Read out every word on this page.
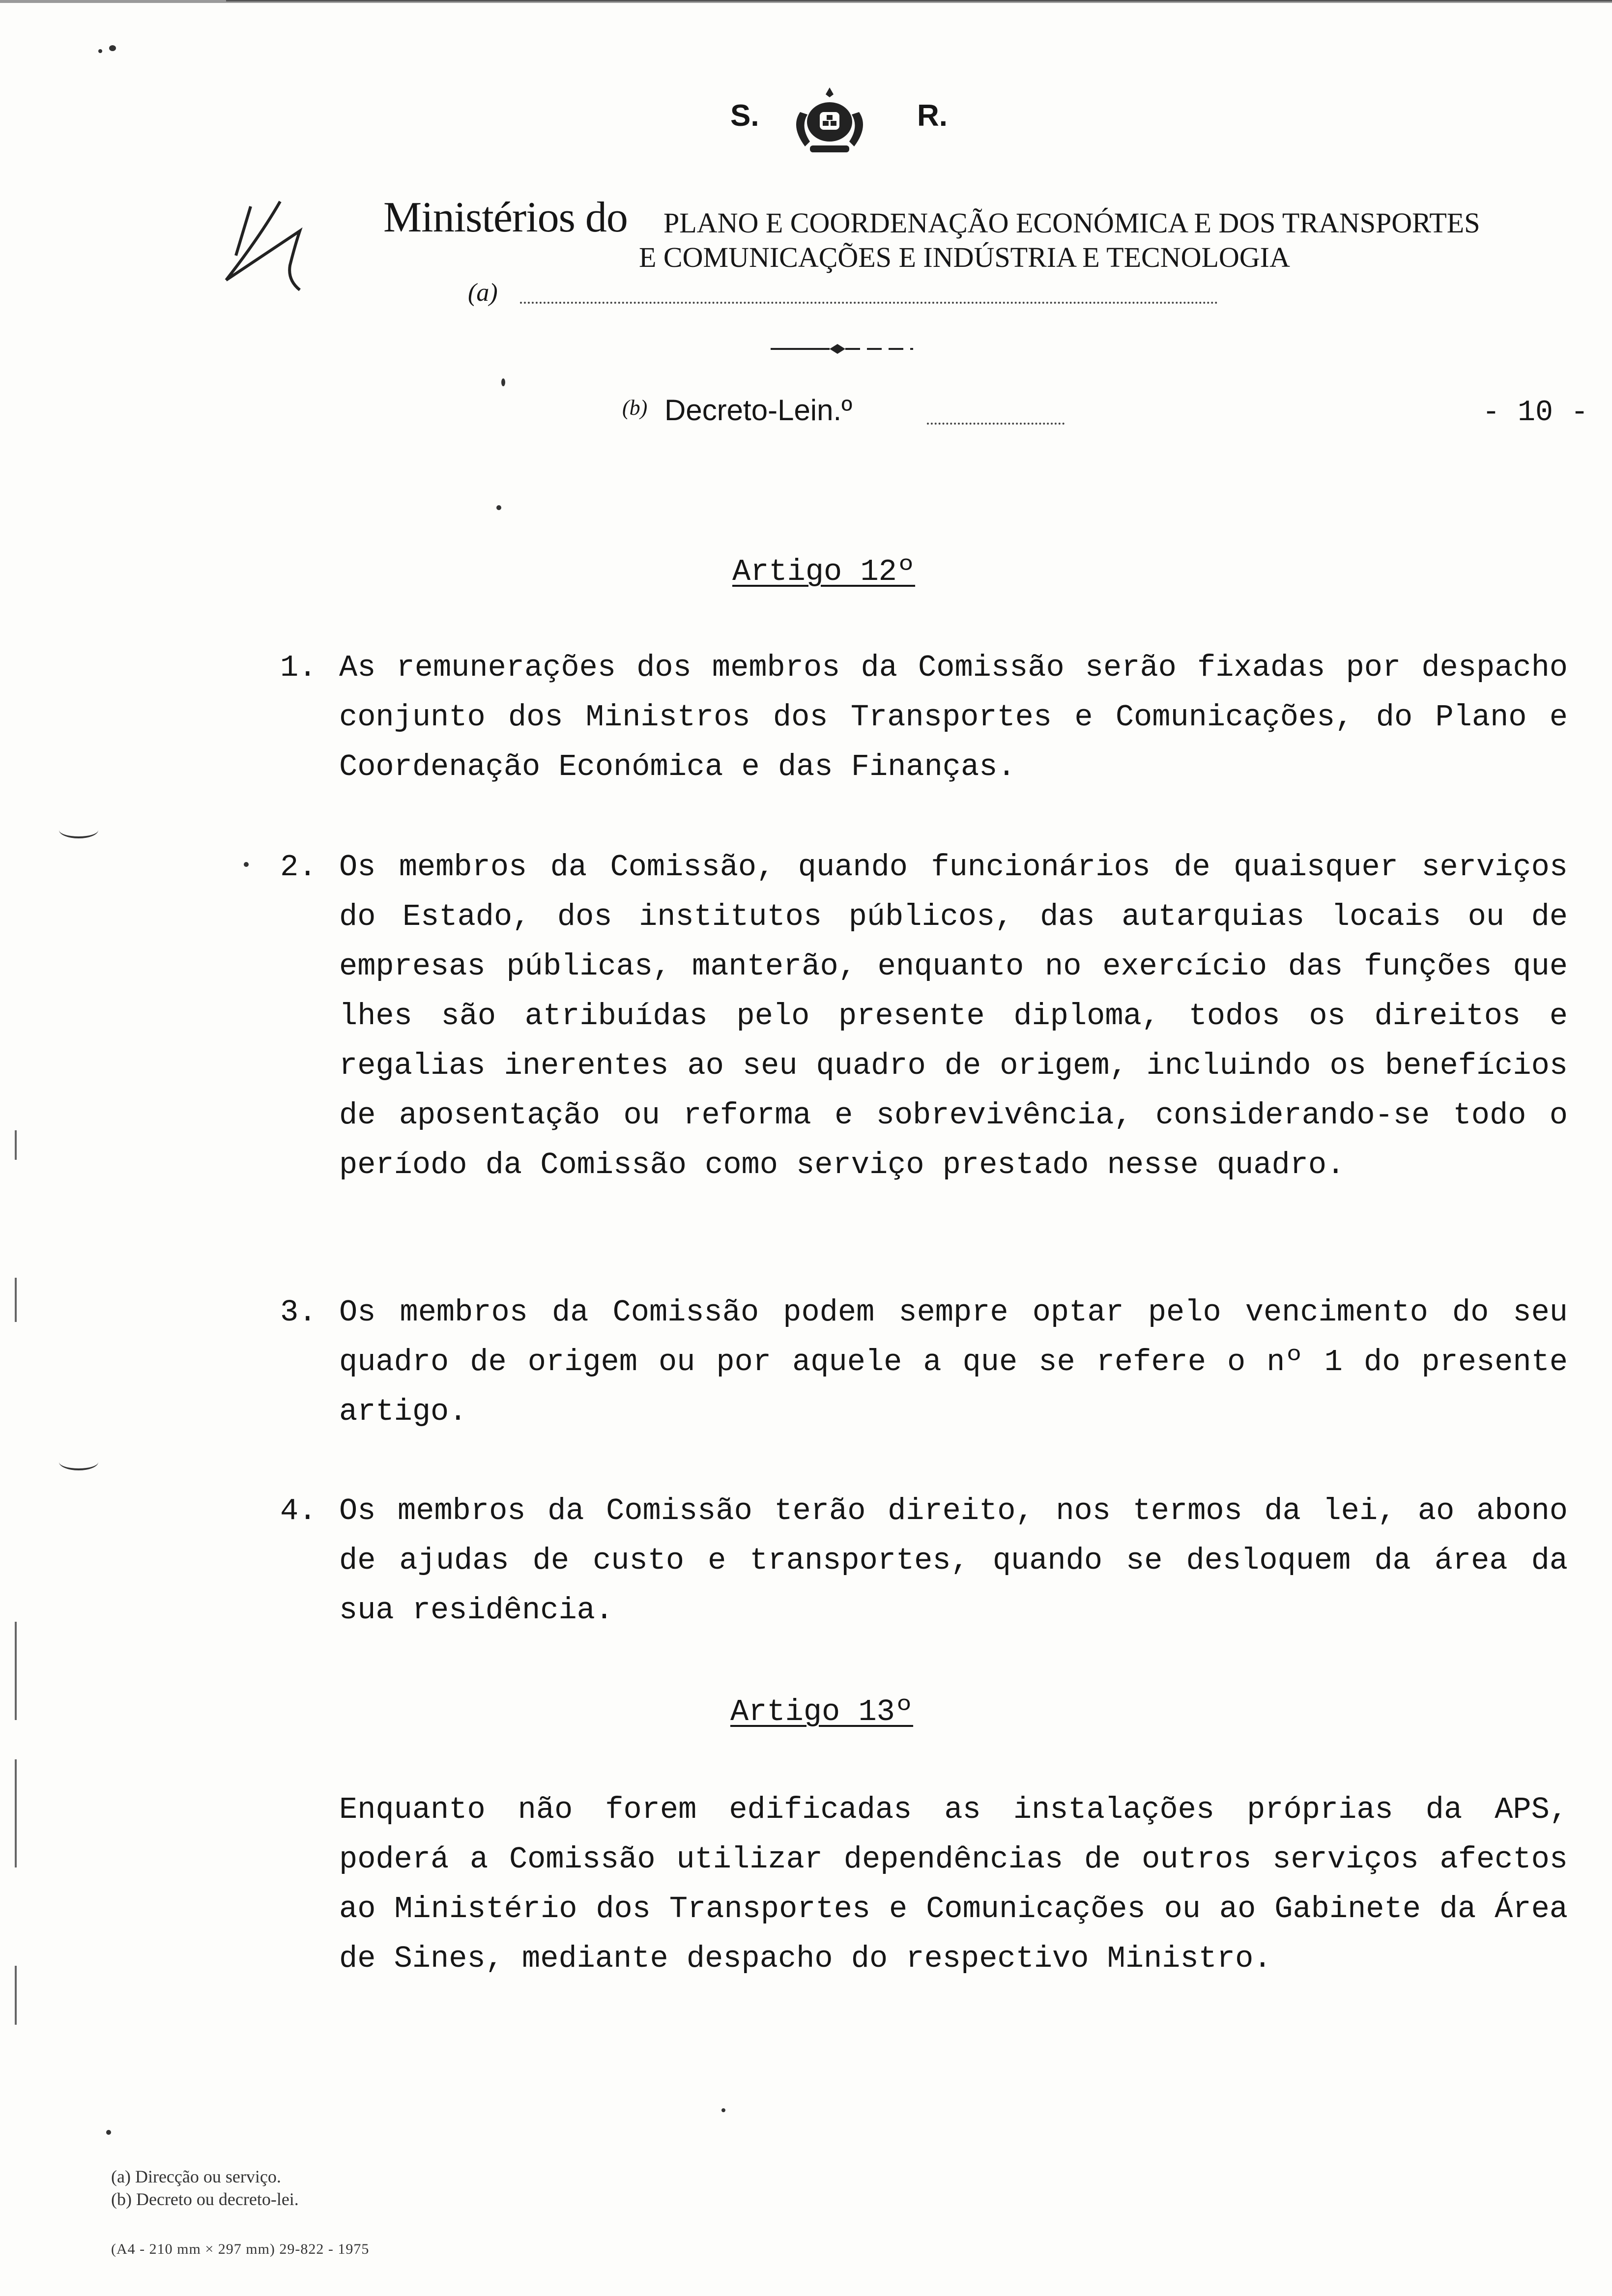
S.	R.
Ministérios do PLANO E COORDENAÇÃO ECONÓMICA E DOS TRANSPORTES
E COMUNICAÇÕES E INDÚSTRIA E TECNOLOGIA
(a)
(b) Decreto-Lein.º	- 10 -
Artigo 12º
1. As remunerações dos membros da Comissão serão fixadas por despacho conjunto dos Ministros dos Transportes e Comunicações, do Plano e Coordenação Económica e das Finanças.
2. Os membros da Comissão, quando funcionários de quaisquer serviços do Estado, dos institutos públicos, das autarquias locais ou de empresas públicas, manterão, enquanto no exercício das funções que lhes são atribuídas pelo presente diploma, todos os direitos e regalias inerentes ao seu quadro de origem, incluindo os benefícios de aposentação ou reforma e sobrevivência, considerando-se todo o período da Comissão como serviço prestado nesse quadro.
3. Os membros da Comissão podem sempre optar pelo vencimento do seu quadro de origem ou por aquele a que se refere o nº 1 do presente artigo.
4. Os membros da Comissão terão direito, nos termos da lei, ao abono de ajudas de custo e transportes, quando se desloquem da área da sua residência.
Artigo 13º
Enquanto não forem edificadas as instalações próprias da APS, poderá a Comissão utilizar dependências de outros serviços afectos ao Ministério dos Transportes e Comunicações ou ao Gabinete da Área de Sines, mediante despacho do respectivo Ministro.
(a) Direcção ou serviço.
(b) Decreto ou decreto-lei.
(A4 - 210 mm × 297 mm) 29-822 - 1975
